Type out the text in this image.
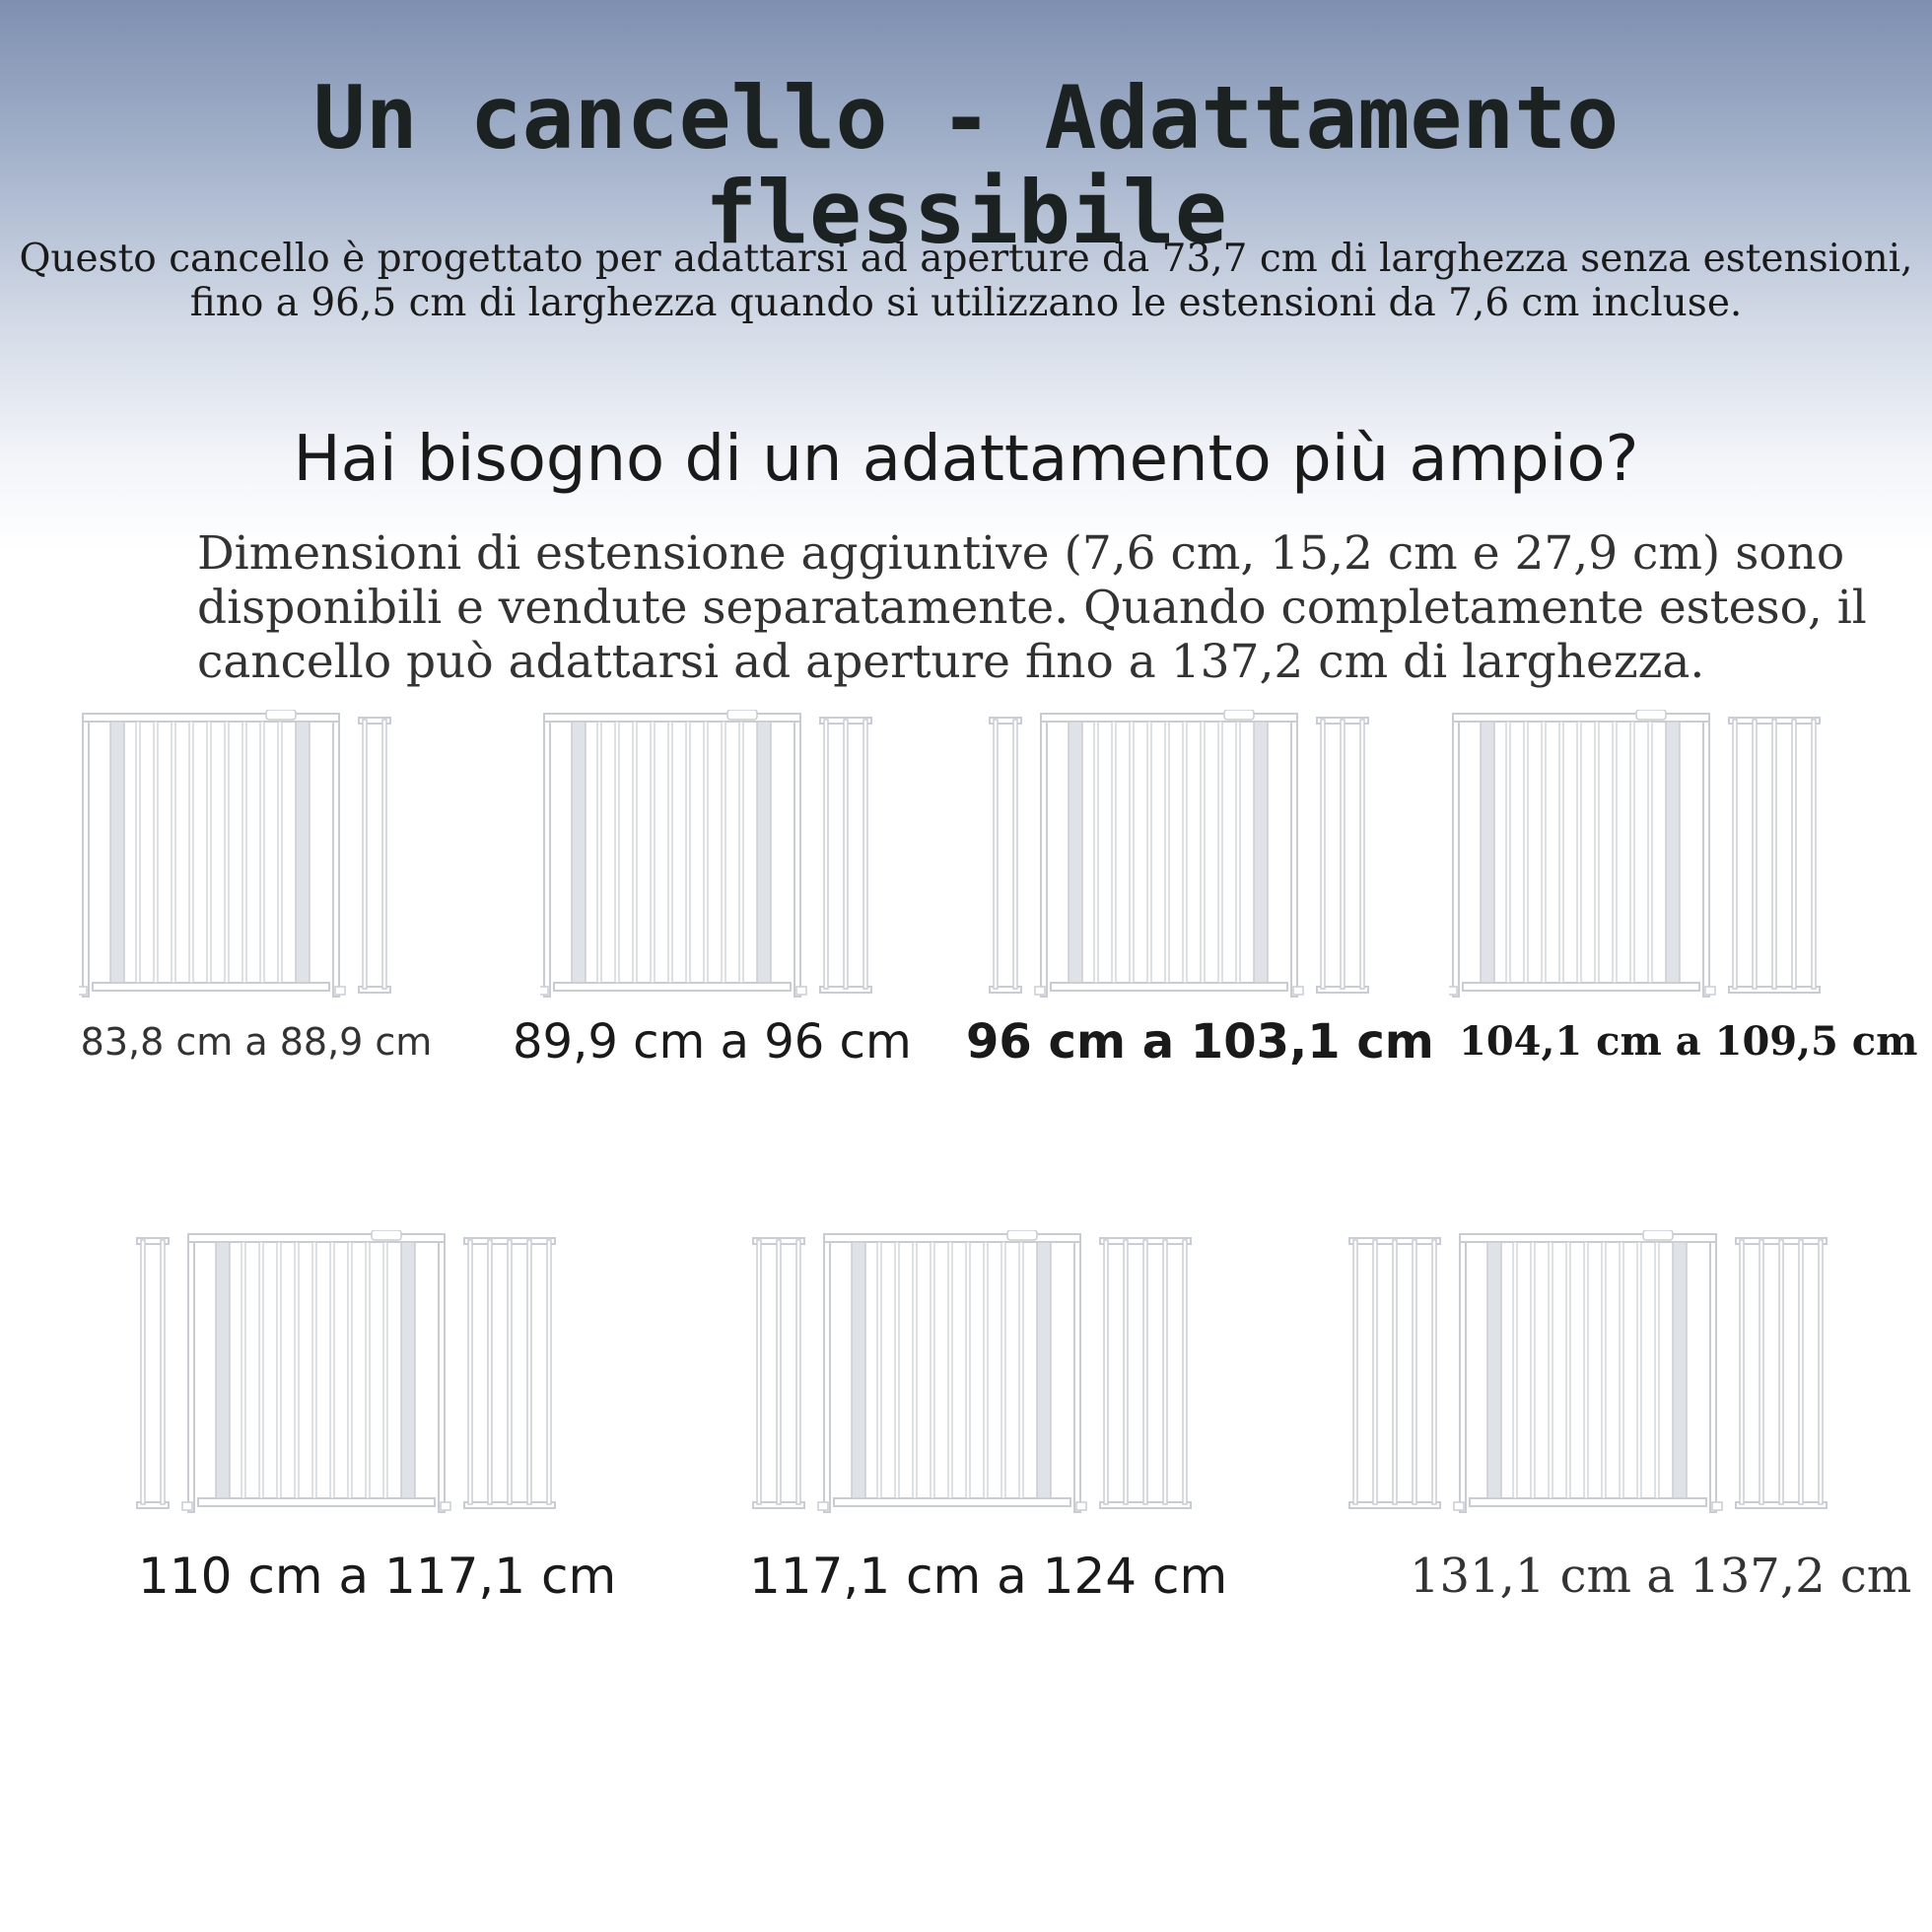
Un cancello - Adattamento
flessibile
Questo cancello è progettato per adattarsi ad aperture da 73,7 cm di larghezza senza estensioni,
fino a 96,5 cm di larghezza quando si utilizzano le estensioni da 7,6 cm incluse.
Hai bisogno di un adattamento più ampio?
Dimensioni di estensione aggiuntive (7,6 cm, 15,2 cm e 27,9 cm) sono
disponibili e vendute separatamente. Quando completamente esteso, il
cancello può adattarsi ad aperture fino a 137,2 cm di larghezza.
83,8 cm a 88,9 cm	89,9 cm a 96 cm 96 cm a 103,1 cm 104,1 cm a 109,5 cm
110 cm a 117,1 cm	117,1 cm a 124 cm	131,1 cm a 137,2 cm
